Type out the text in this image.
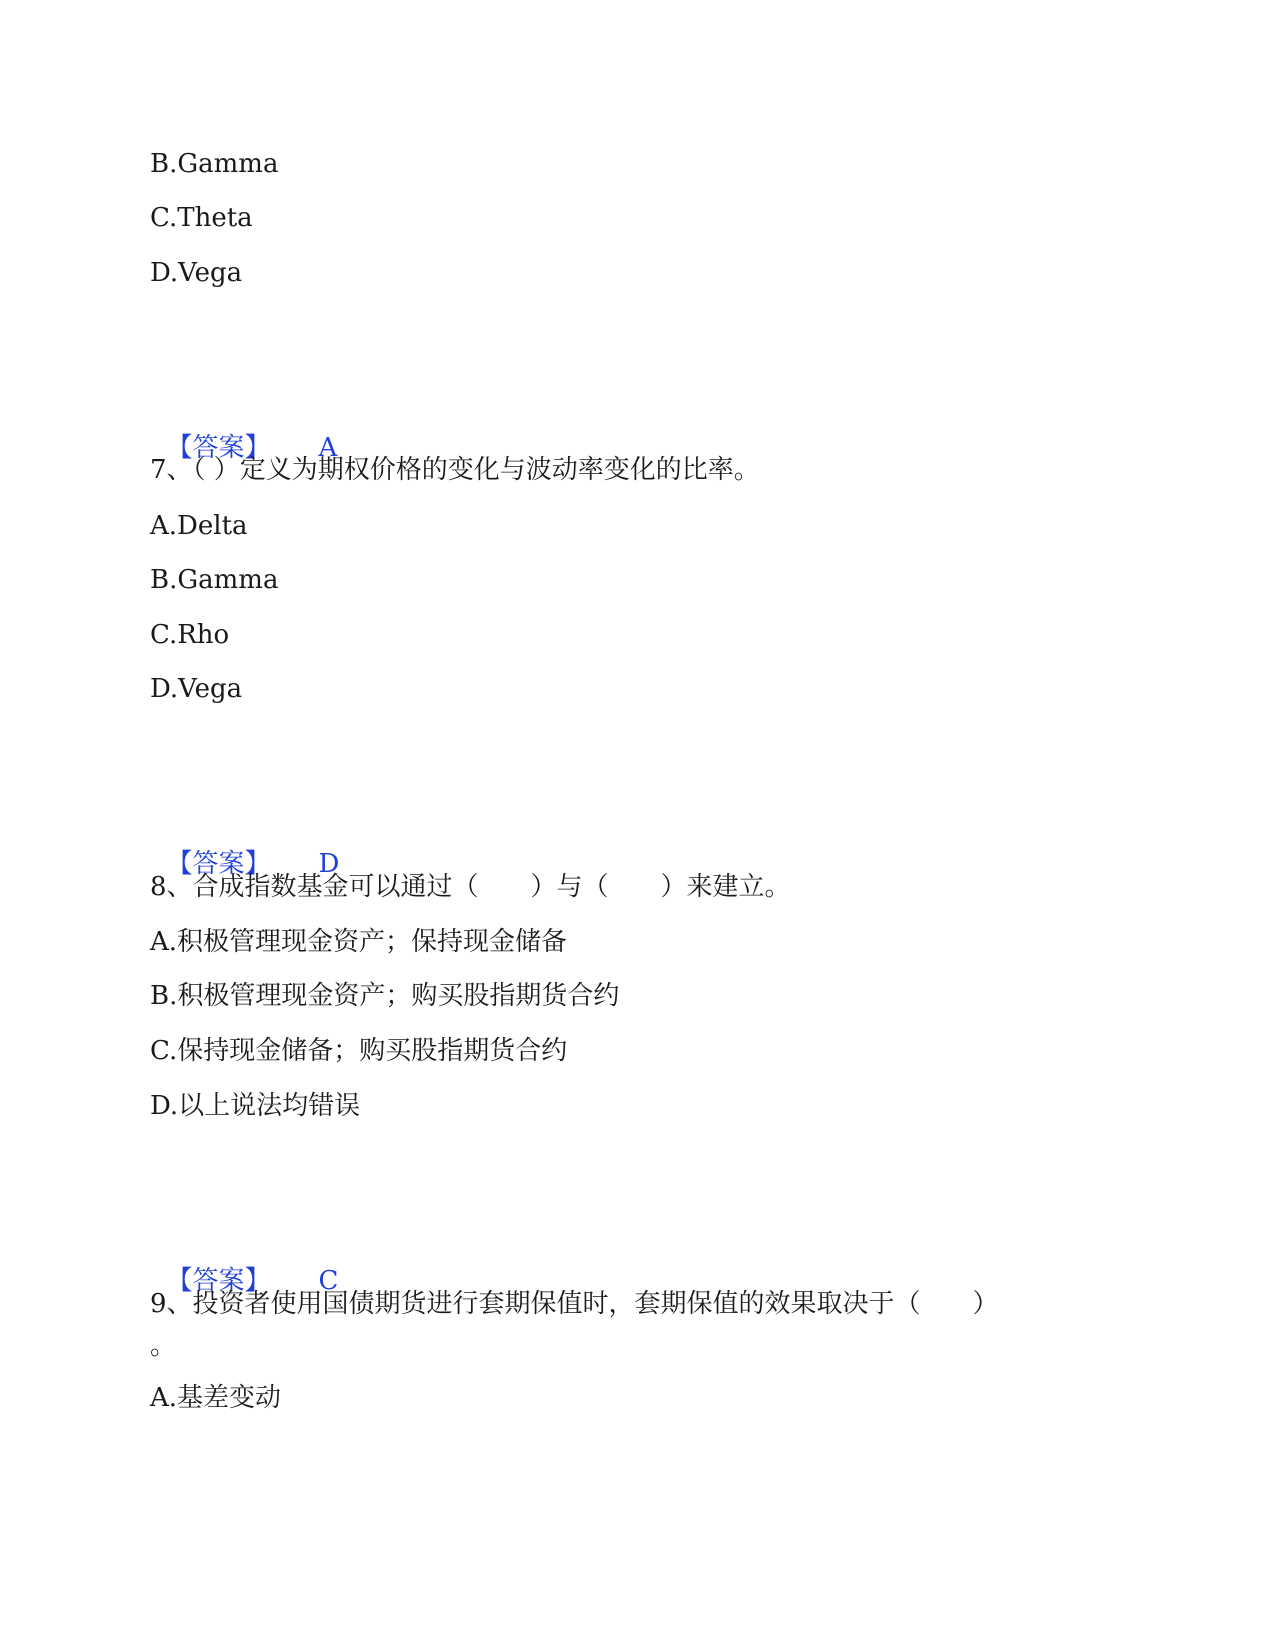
B.Gamma
C.Theta
D.Vega

【答案】 A

7、（ ）定义为期权价格的变化与波动率变化的比率。
A.Delta
B.Gamma
C.Rho
D.Vega

【答案】 D

8、合成指数基金可以通过（　　）与（　　）来建立。
A.积极管理现金资产；保持现金储备
B.积极管理现金资产；购买股指期货合约
C.保持现金储备；购买股指期货合约
D.以上说法均错误

【答案】 C

9、投资者使用国债期货进行套期保值时，套期保值的效果取决于（　　）
。
A.基差变动
